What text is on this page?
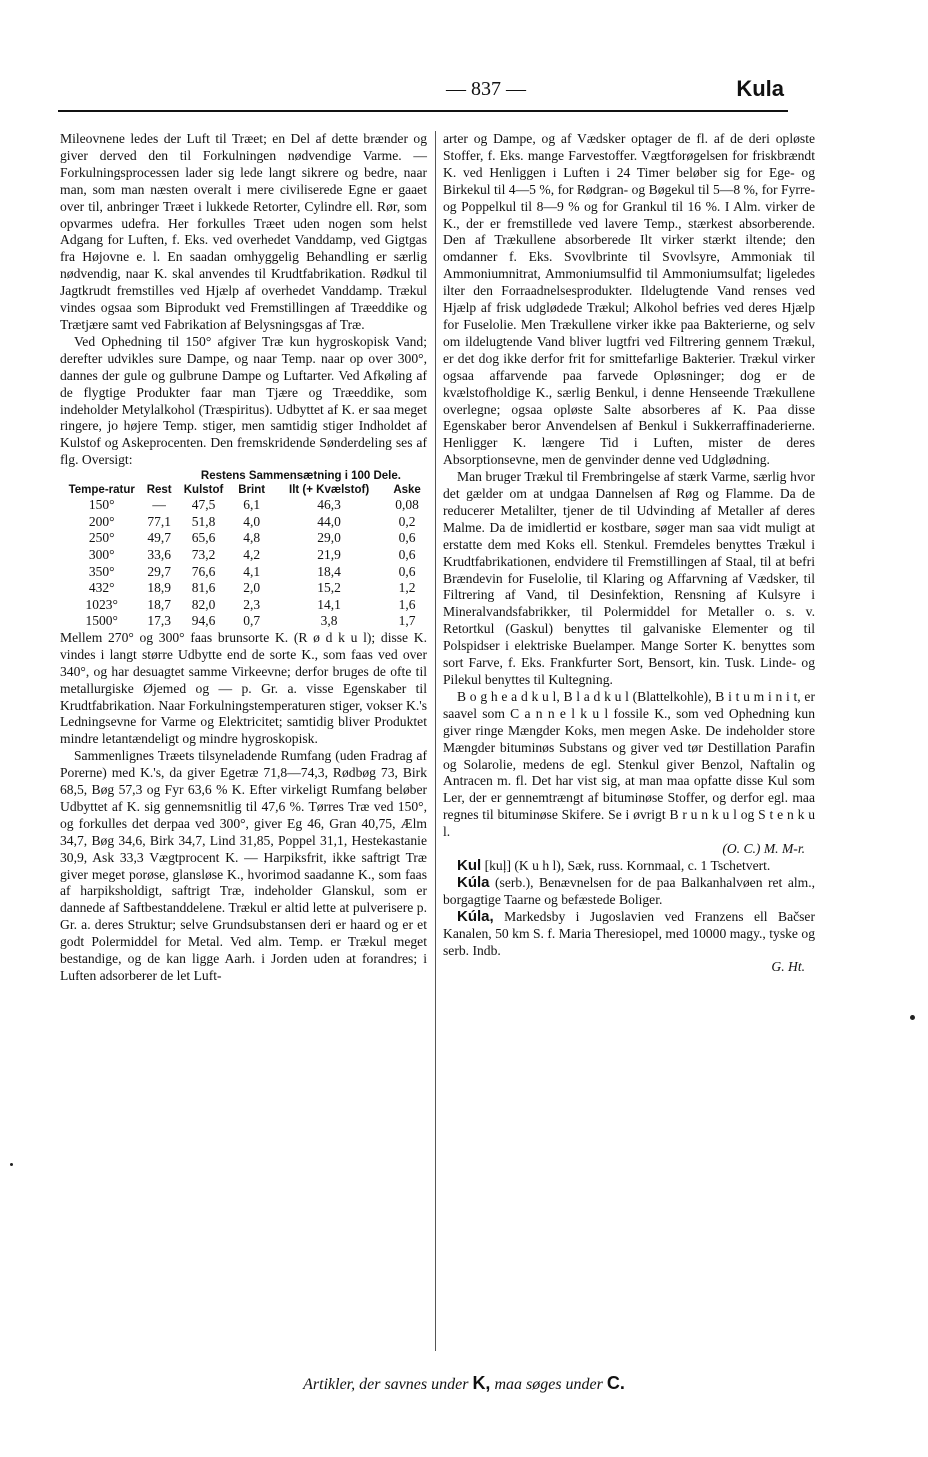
— 837 —	Kula

Mileovnene ledes der Luft til Træet; en Del af dette brænder og giver derved den til Forkulningen nødvendige Varme. — Forkulningsprocessen lader sig lede langt sikrere og bedre, naar man, som man næsten overalt i mere civiliserede Egne er gaaet over til, anbringer Træet i lukkede Retorter, Cylindre ell. Rør, som opvarmes udefra. Her forkulles Træet uden nogen som helst Adgang for Luften, f. Eks. ved overhedet Vanddamp, ved Gigtgas fra Højovne e. l. En saadan omhyggelig Behandling er særlig nødvendig, naar K. skal anvendes til Krudtfabrikation. Rødkul til Jagtkrudt fremstilles ved Hjælp af overhedet Vanddamp. Trækul vindes ogsaa som Biprodukt ved Fremstillingen af Træeddike og Trætjære samt ved Fabrikation af Belysningsgas af Træ.

Ved Ophedning til 150° afgiver Træ kun hygroskopisk Vand; derefter udvikles sure Dampe, og naar Temp. naar op over 300°, dannes der gule og gulbrune Dampe og Luftarter. Ved Afkøling af de flygtige Produkter faar man Tjære og Træeddike, som indeholder Metylalkohol (Træspiritus). Udbyttet af K. er saa meget ringere, jo højere Temp. stiger, men samtidig stiger Indholdet af Kulstof og Askeprocenten. Den fremskridende Sønderdeling ses af flg. Oversigt:

		Restens Sammensætning i 100 Dele.			
Tempe-ratur	Rest	Kulstof	Brint	Ilt (+ Kvælstof)	Aske
150°	—	47,5	6,1	46,3	0,08
200°	77,1	51,8	4,0	44,0	0,2
250°	49,7	65,6	4,8	29,0	0,6
300°	33,6	73,2	4,2	21,9	0,6
350°	29,7	76,6	4,1	18,4	0,6
432°	18,9	81,6	2,0	15,2	1,2
1023°	18,7	82,0	2,3	14,1	1,6
1500°	17,3	94,6	0,7	3,8	1,7

Mellem 270° og 300° faas brunsorte K. (R ø d k u l); disse K. vindes i langt større Udbytte end de sorte K., som faas ved over 340°, og har desuagtet samme Virkeevne; derfor bruges de ofte til metallurgiske Øjemed og — p. Gr. a. visse Egenskaber til Krudtfabrikation. Naar Forkulningstemperaturen stiger, vokser K.'s Ledningsevne for Varme og Elektricitet; samtidig bliver Produktet mindre letantændeligt og mindre hygroskopisk.

Sammenlignes Træets tilsyneladende Rumfang (uden Fradrag af Porerne) med K.'s, da giver Egetræ 71,8—74,3, Rødbøg 73, Birk 68,5, Bøg 57,3 og Fyr 63,6 % K. Efter virkeligt Rumfang beløber Udbyttet af K. sig gennemsnitlig til 47,6 %. Tørres Træ ved 150°, og forkulles det derpaa ved 300°, giver Eg 46, Gran 40,75, Ælm 34,7, Bøg 34,6, Birk 34,7, Lind 31,85, Poppel 31,1, Hestekastanie 30,9, Ask 33,3 Vægtprocent K. — Harpiksfrit, ikke saftrigt Træ giver meget porøse, glansløse K., hvorimod saadanne K., som faas af harpiksholdigt, saftrigt Træ, indeholder Glanskul, som er dannede af Saftbestanddelene. Trækul er altid lette at pulverisere p. Gr. a. deres Struktur; selve Grundsubstansen deri er haard og er et godt Polermiddel for Metal. Ved alm. Temp. er Trækul meget bestandige, og de kan ligge Aarh. i Jorden uden at forandres; i Luften adsorberer de let Luft-

arter og Dampe, og af Vædsker optager de fl. af de deri opløste Stoffer, f. Eks. mange Farvestoffer. Vægtforøgelsen for friskbrændt K. ved Henliggen i Luften i 24 Timer beløber sig for Ege- og Birkekul til 4—5 %, for Rødgran- og Bøgekul til 5—8 %, for Fyrre- og Poppelkul til 8—9 % og for Grankul til 16 %. I Alm. virker de K., der er fremstillede ved lavere Temp., stærkest absorberende. Den af Trækullene absorberede Ilt virker stærkt iltende; den omdanner f. Eks. Svovlbrinte til Svovlsyre, Ammoniak til Ammoniumnitrat, Ammoniumsulfid til Ammoniumsulfat; ligeledes ilter den Forraadnelsesprodukter. Ildelugtende Vand renses ved Hjælp af frisk udglødede Trækul; Alkohol befries ved deres Hjælp for Fuselolie. Men Trækullene virker ikke paa Bakterierne, og selv om ildelugtende Vand bliver lugtfri ved Filtrering gennem Trækul, er det dog ikke derfor frit for smittefarlige Bakterier. Trækul virker ogsaa affarvende paa farvede Opløsninger; dog er de kvælstofholdige K., særlig Benkul, i denne Henseende Trækullene overlegne; ogsaa opløste Salte absorberes af K. Paa disse Egenskaber beror Anvendelsen af Benkul i Sukkerraffinaderierne. Henligger K. længere Tid i Luften, mister de deres Absorptionsevne, men de genvinder denne ved Udglødning.

Man bruger Trækul til Frembringelse af stærk Varme, særlig hvor det gælder om at undgaa Dannelsen af Røg og Flamme. Da de reducerer Metalilter, tjener de til Udvinding af Metaller af deres Malme. Da de imidlertid er kostbare, søger man saa vidt muligt at erstatte dem med Koks ell. Stenkul. Fremdeles benyttes Trækul i Krudtfabrikationen, endvidere til Fremstillingen af Staal, til at befri Brændevin for Fuselolie, til Klaring og Affarvning af Vædsker, til Filtrering af Vand, til Desinfektion, Rensning af Kulsyre i Mineralvandsfabrikker, til Polermiddel for Metaller o. s. v. Retortkul (Gaskul) benyttes til galvaniske Elementer og til Polspidser i elektriske Buelamper. Mange Sorter K. benyttes som sort Farve, f. Eks. Frankfurter Sort, Bensort, kin. Tusk. Linde- og Pilekul benyttes til Kultegning.

B o g h e a d k u l, B l a d k u l (Blattelkohle), B i t u m i n i t, er saavel som C a n n e l k u l fossile K., som ved Ophedning kun giver ringe Mængder Koks, men megen Aske. De indeholder store Mængder bituminøs Substans og giver ved tør Destillation Parafin og Solarolie, medens de egl. Stenkul giver Benzol, Naftalin og Antracen m. fl. Det har vist sig, at man maa opfatte disse Kul som Ler, der er gennemtrængt af bituminøse Stoffer, og derfor egl. maa regnes til bituminøse Skifere. Se i øvrigt B r u n k u l og S t e n k u l.
(O. C.) M. M-r.

Kul [kuļ] (K u h l), Sæk, russ. Kornmaal, c. 1 Tschetvert.

Kúla (serb.), Benævnelsen for de paa Balkanhalvøen ret alm., borgagtige Taarne og befæstede Boliger.

Kúla, Markedsby i Jugoslavien ved Franzens ell Bačser Kanalen, 50 km S. f. Maria Theresiopel, med 10000 magy., tyske og serb. Indb.
G. Ht.

Artikler, der savnes under K, maa søges under C.
